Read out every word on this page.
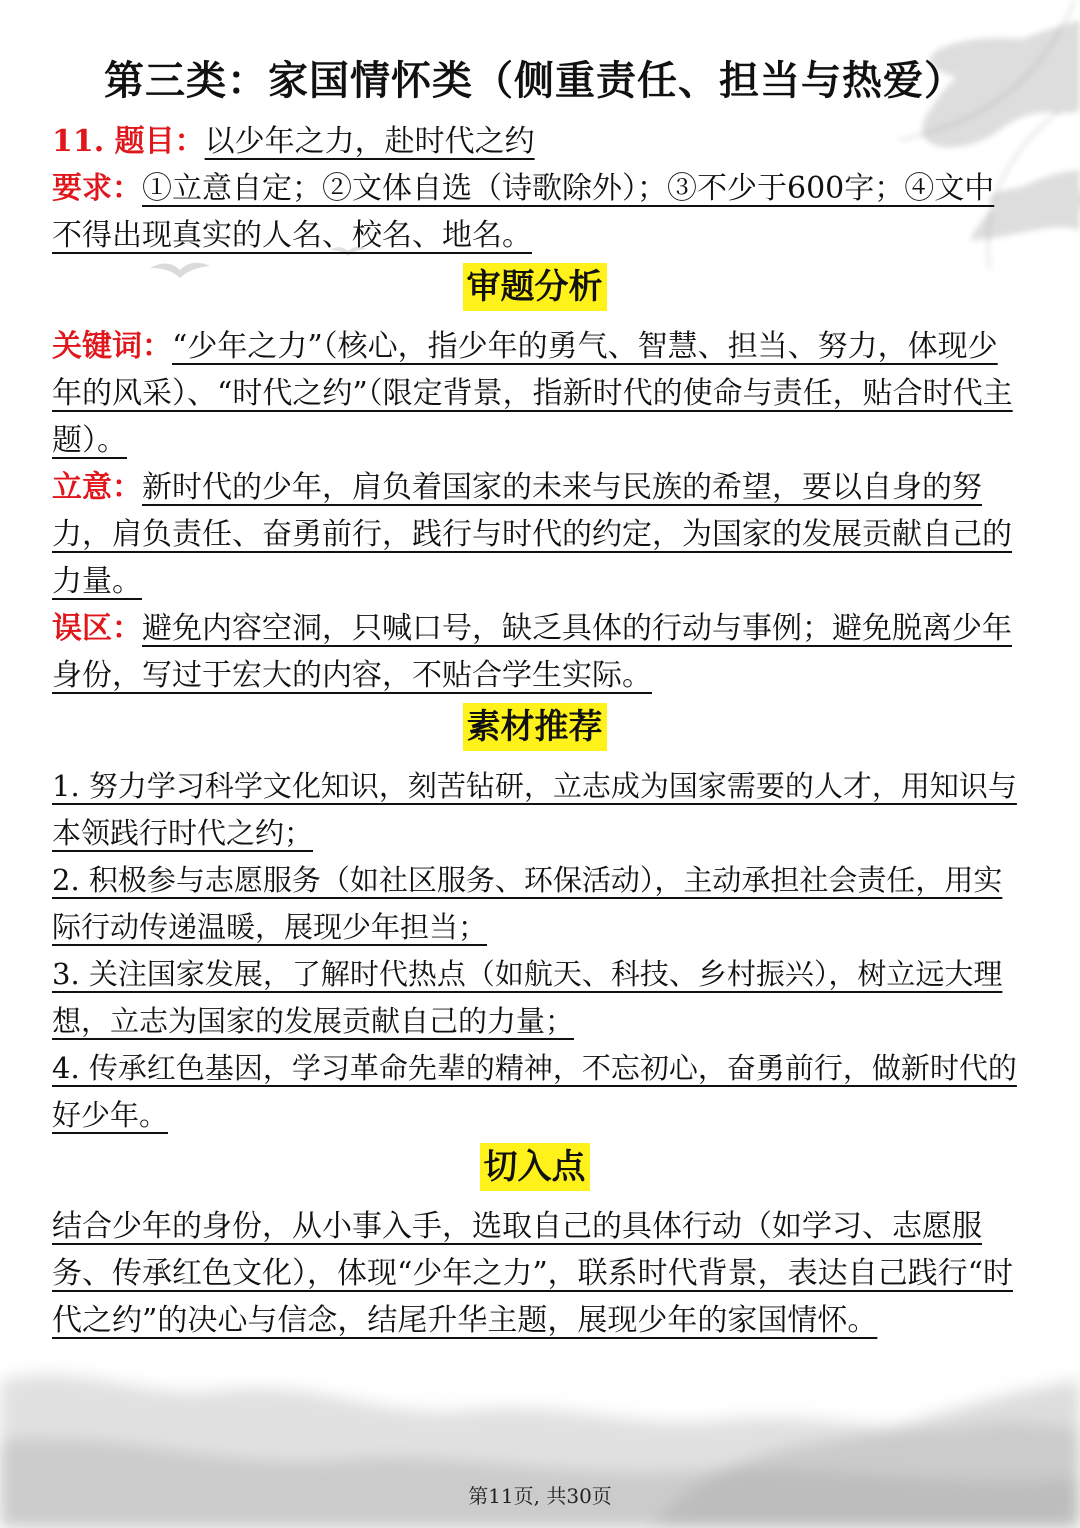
第三类：家国情怀类（侧重责任、担当与热爱）

11. 题目：以少年之力，赴时代之约

要求：①立意自定；②文体自选（诗歌除外）；③不少于600字；④文中不得出现真实的人名、校名、地名。

审题分析

关键词：“少年之力”（核心，指少年的勇气、智慧、担当、努力，体现少年的风采）、“时代之约”（限定背景，指新时代的使命与责任，贴合时代主题）。

立意：新时代的少年，肩负着国家的未来与民族的希望，要以自身的努力，肩负责任、奋勇前行，践行与时代的约定，为国家的发展贡献自己的力量。

误区：避免内容空洞，只喊口号，缺乏具体的行动与事例；避免脱离少年身份，写过于宏大的内容，不贴合学生实际。

素材推荐

1. 努力学习科学文化知识，刻苦钻研，立志成为国家需要的人才，用知识与本领践行时代之约；

2. 积极参与志愿服务（如社区服务、环保活动），主动承担社会责任，用实际行动传递温暖，展现少年担当；

3. 关注国家发展，了解时代热点（如航天、科技、乡村振兴），树立远大理想，立志为国家的发展贡献自己的力量；

4. 传承红色基因，学习革命先辈的精神，不忘初心，奋勇前行，做新时代的好少年。

切入点

结合少年的身份，从小事入手，选取自己的具体行动（如学习、志愿服务、传承红色文化），体现“少年之力”，联系时代背景，表达自己践行“时代之约”的决心与信念，结尾升华主题，展现少年的家国情怀。

第11页, 共30页
